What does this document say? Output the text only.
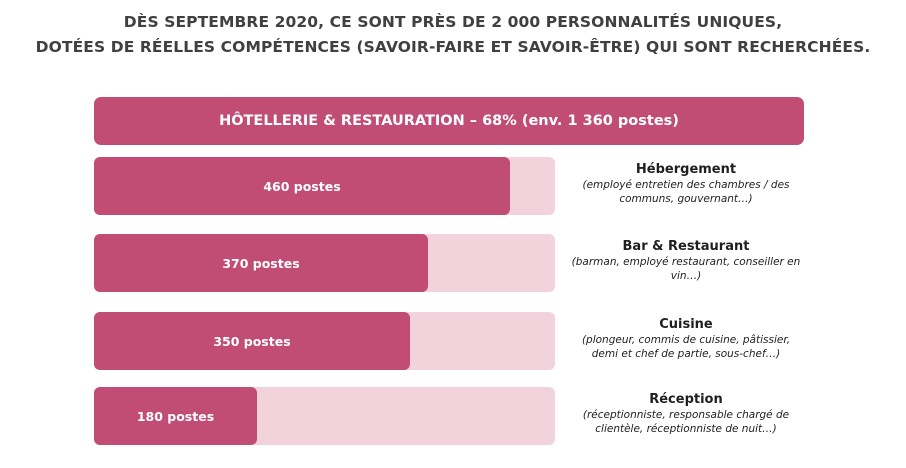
DÈS SEPTEMBRE 2020, CE SONT PRÈS DE 2 000 PERSONNALITÉS UNIQUES,
DOTÉES DE RÉELLES COMPÉTENCES (SAVOIR-FAIRE ET SAVOIR-ÊTRE) QUI SONT RECHERCHÉES.
HÔTELLERIE & RESTAURATION – 68% (env. 1 360 postes)
460 postes
Hébergement
(employé entretien des chambres / des communs, gouvernant…)
370 postes
Bar & Restaurant
(barman, employé restaurant, conseiller en vin…)
350 postes
Cuisine
(plongeur, commis de cuisine, pâtissier, demi et chef de partie, sous-chef…)
180 postes
Réception
(réceptionniste, responsable chargé de clientèle, réceptionniste de nuit…)
